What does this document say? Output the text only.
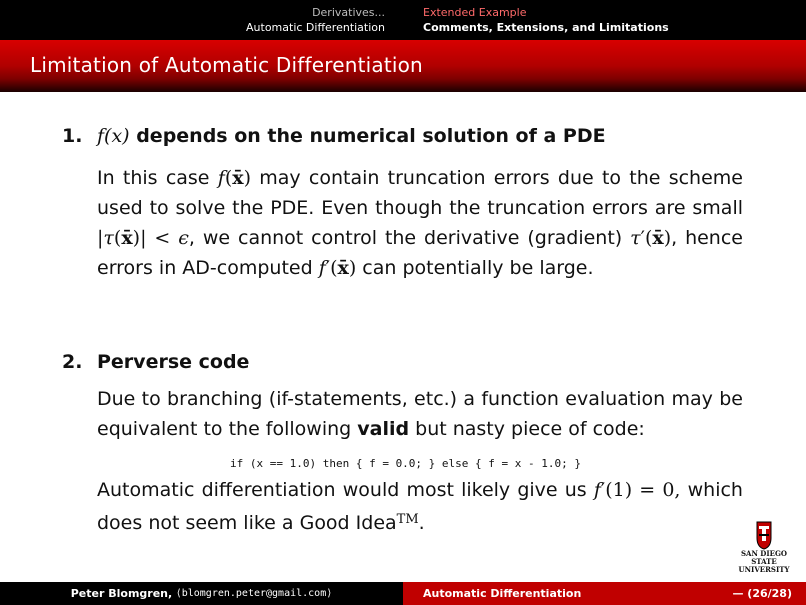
Derivatives...
Automatic Differentiation
Extended Example
Comments, Extensions, and Limitations
Limitation of Automatic Differentiation
1. f(x) depends on the numerical solution of a PDE
In this case f(x̄) may contain truncation errors due to the scheme used to solve the PDE. Even though the truncation errors are small |τ(x̄)| < ϵ, we cannot control the derivative (gradient) τ′(x̄), hence errors in AD-computed f′(x̄) can potentially be large.
2. Perverse code
Due to branching (if-statements, etc.) a function evaluation may be equivalent to the following valid but nasty piece of code:
if (x == 1.0) then { f = 0.0; } else { f = x - 1.0; }
Automatic differentiation would most likely give us f′(1) = 0, which does not seem like a Good Idea™.
SAN DIEGO STATE
UNIVERSITY
Peter Blomgren,
⟨blomgren.peter@gmail.com⟩	Automatic Differentiation	— (26/28)
